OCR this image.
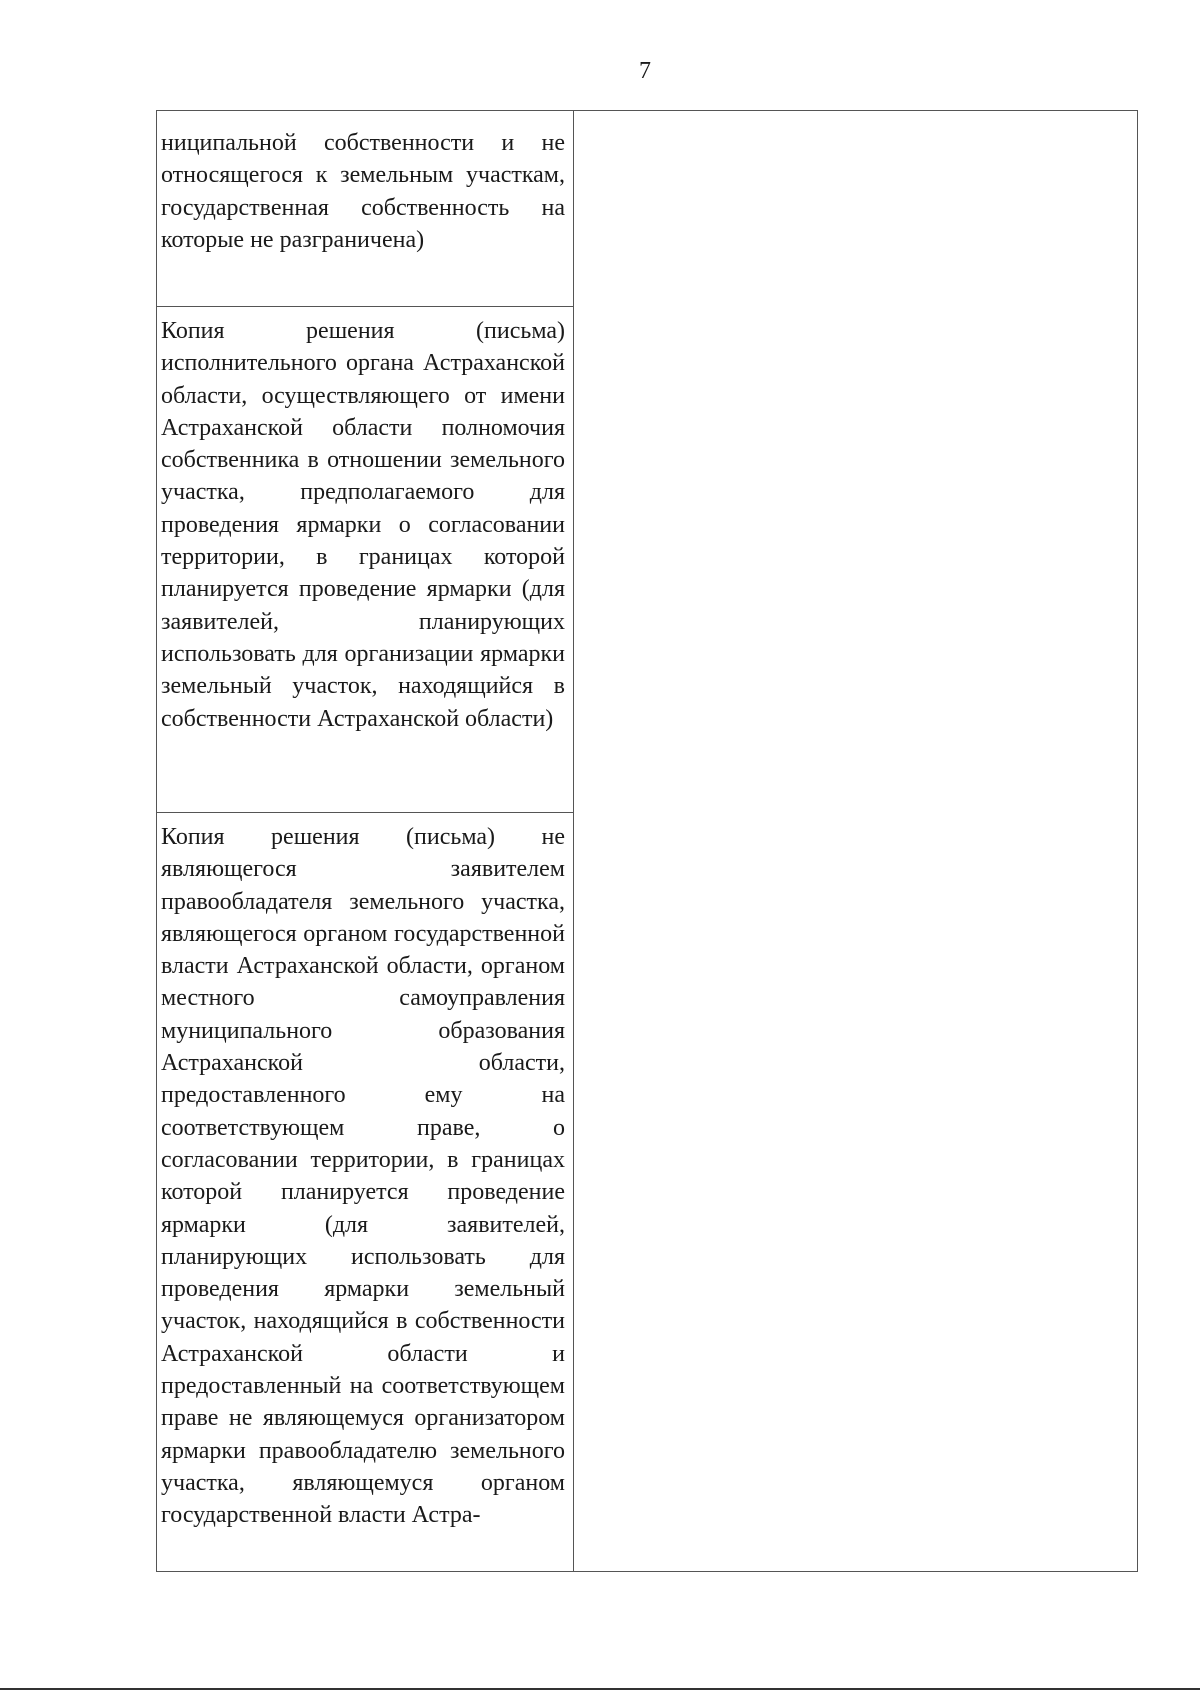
7
ниципальной собственности и не относящегося к земельным участкам, государственная собственность на которые не разграничена)
Копия решения (письма) исполнительного органа Астраханской области, осуществляющего от имени Астраханской области полномочия собственника в отношении земельного участка, предполагаемого для проведения ярмарки о согласовании территории, в границах которой планируется проведение ярмарки (для заявителей, планирующих использовать для организации ярмарки земельный участок, находящийся в собственности Астраханской области)
Копия решения (письма) не являющегося заявителем правообладателя земельного участка, являющегося органом государственной власти Астраханской области, органом местного самоуправления муниципального образования Астраханской области, предоставленного ему на соответствующем праве, о согласовании территории, в границах которой планируется проведение ярмарки (для заявителей, планирующих использовать для проведения ярмарки земельный участок, находящийся в собственности Астраханской области и предоставленный на соответствующем праве не являющемуся организатором ярмарки правообладателю земельного участка, являющемуся органом государственной власти Астра-
